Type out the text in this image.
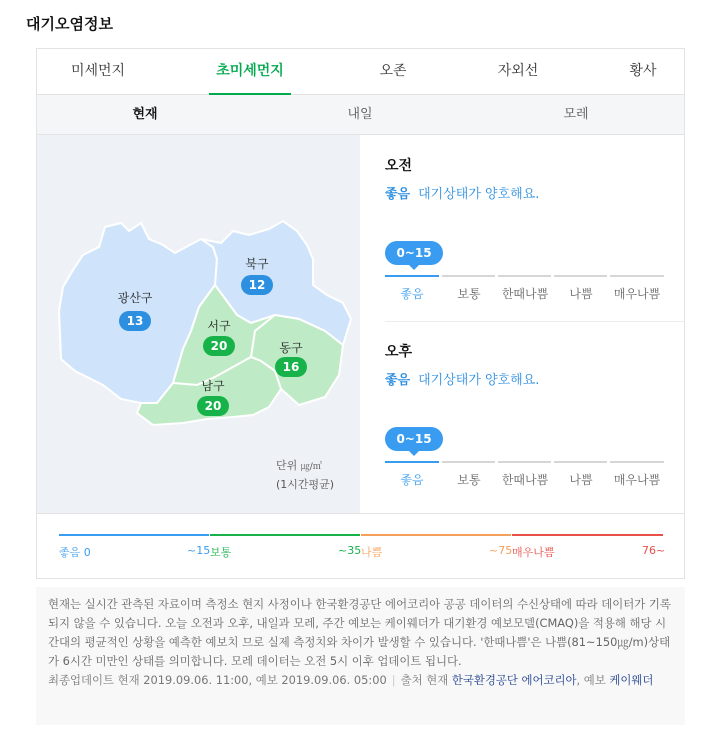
대기오염정보
미세먼지	초미세먼지	오존	자외선	황사
현재	내일	모레
광산구
13
북구
12
서구
20	동구
16
남구
20
단위 ㎍/㎥
(1시간평균)
오전
좋음 대기상태가 양호해요.
0~15
좋음	보통 한때나쁨 나쁨 매우나쁨
오후
좋음 대기상태가 양호해요.
0~15
좋음	보통 한때나쁨 나쁨 매우나쁨
좋음 0	~15 보통	~35 나쁨	~75 매우나쁨	76~
현재는 실시간 관측된 자료이며 측정소 현지 사정이나 한국환경공단 에어코리아 공공 데이터의 수신상태에 따라 데이터가 기록되지 않을 수 있습니다. 오늘 오전과 오후, 내일과 모레, 주간 예보는 케이웨더가 대기환경 예보모델(CMAQ)을 적용해 해당 시간대의 평균적인 상황을 예측한 예보치 므로 실제 측정치와 차이가 발생할 수 있습니다. '한때나쁨'은 나쁨(81~150㎍/m)상태가 6시간 미만인 상태를 의미합니다. 모레 데이터는 오전 5시 이후 업데이트 됩니다.
최종업데이트 현재 2019.09.06. 11:00, 예보 2019.09.06. 05:00 | 출처 현재 한국환경공단 에어코리아, 예보 케이웨더
